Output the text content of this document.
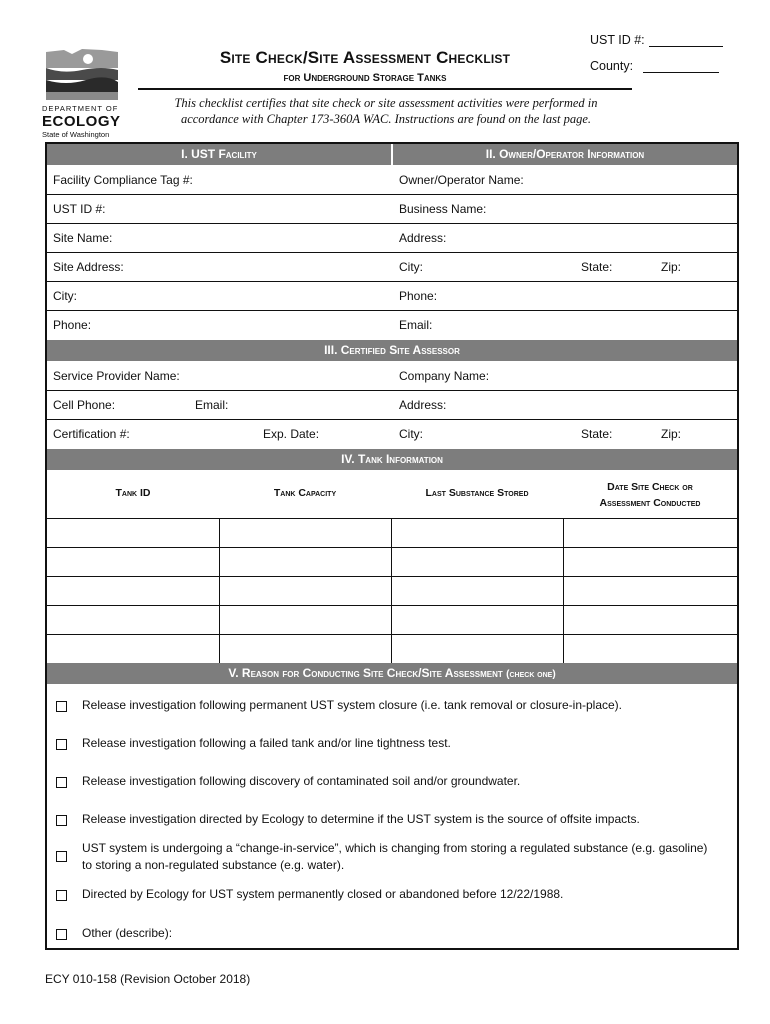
DEPARTMENT OF
ECOLOGY
State of Washington
Site Check/Site Assessment Checklist
for Underground Storage Tanks
This checklist certifies that site check or site assessment activities were performed in
accordance with Chapter 173-360A WAC. Instructions are found on the last page.
UST ID #:
County:
I. UST Facility	II. Owner/Operator Information
Facility Compliance Tag #:	Owner/Operator Name:
UST ID #:	Business Name:
Site Name:	Address:
Site Address:	City:	State:	Zip:
City:	Phone:
Phone:	Email:
III. Certified Site Assessor
Service Provider Name:	Company Name:
Cell Phone:	Email:	Address:
Certification #:	Exp. Date:	City:	State:	Zip:
IV. Tank Information
Tank ID	Tank Capacity	Last Substance Stored	Date Site Check or
Assessment Conducted
V. Reason for Conducting Site Check/Site Assessment (check one)
Release investigation following permanent UST system closure (i.e. tank removal or closure-in-place).
Release investigation following a failed tank and/or line tightness test.
Release investigation following discovery of contaminated soil and/or groundwater.
Release investigation directed by Ecology to determine if the UST system is the source of offsite impacts.
UST system is undergoing a “change-in-service”, which is changing from storing a regulated substance (e.g. gasoline) to storing a non-regulated substance (e.g. water).
Directed by Ecology for UST system permanently closed or abandoned before 12/22/1988.
Other (describe):
ECY 010-158 (Revision October 2018)
